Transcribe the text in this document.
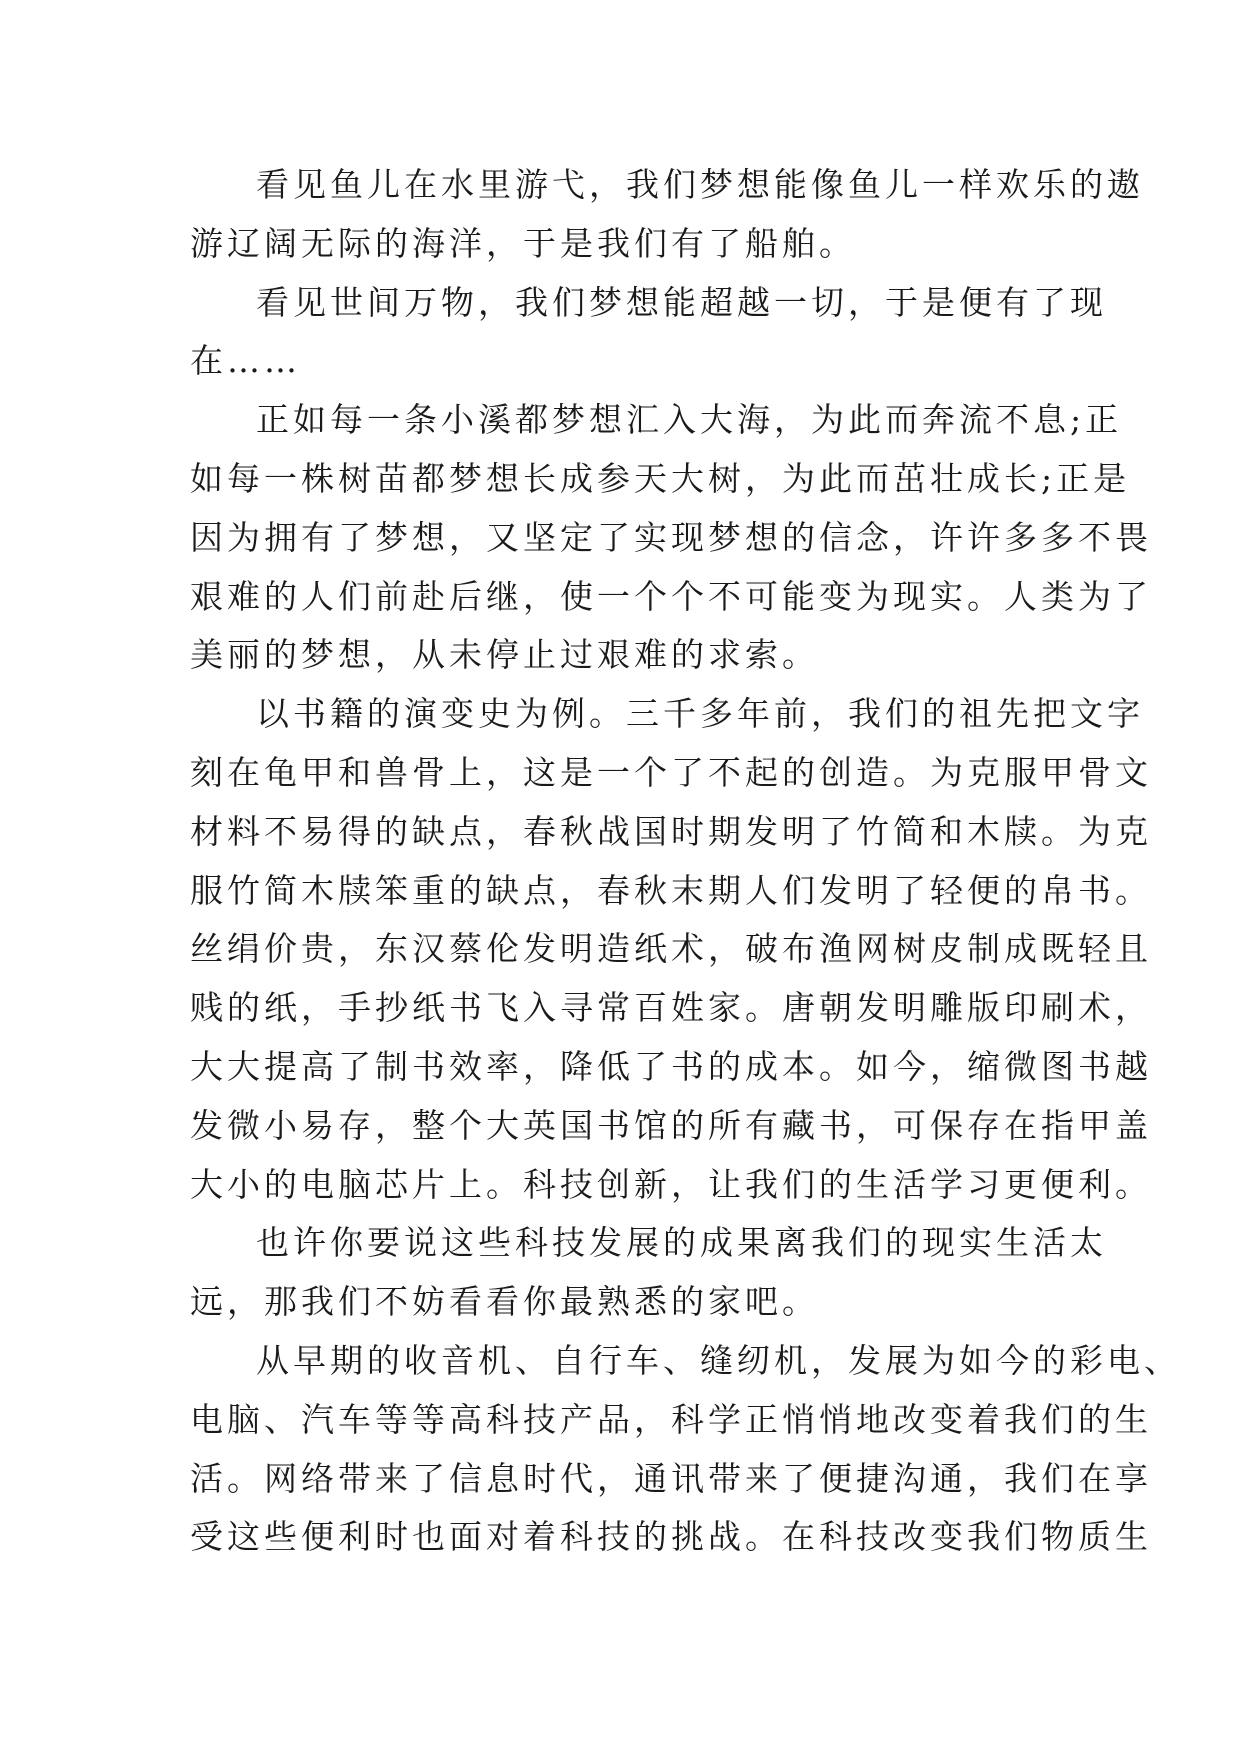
看见鱼儿在水里游弋，我们梦想能像鱼儿一样欢乐的遨
游辽阔无际的海洋，于是我们有了船舶。

看见世间万物，我们梦想能超越一切，于是便有了现
在……

正如每一条小溪都梦想汇入大海，为此而奔流不息;正
如每一株树苗都梦想长成参天大树，为此而茁壮成长;正是
因为拥有了梦想，又坚定了实现梦想的信念，许许多多不畏
艰难的人们前赴后继，使一个个不可能变为现实。人类为了
美丽的梦想，从未停止过艰难的求索。

以书籍的演变史为例。三千多年前，我们的祖先把文字
刻在龟甲和兽骨上，这是一个了不起的创造。为克服甲骨文
材料不易得的缺点，春秋战国时期发明了竹简和木牍。为克
服竹简木牍笨重的缺点，春秋末期人们发明了轻便的帛书。
丝绢价贵，东汉蔡伦发明造纸术，破布渔网树皮制成既轻且
贱的纸，手抄纸书飞入寻常百姓家。唐朝发明雕版印刷术，
大大提高了制书效率，降低了书的成本。如今，缩微图书越
发微小易存，整个大英国书馆的所有藏书，可保存在指甲盖
大小的电脑芯片上。科技创新，让我们的生活学习更便利。

也许你要说这些科技发展的成果离我们的现实生活太
远，那我们不妨看看你最熟悉的家吧。

从早期的收音机、自行车、缝纫机，发展为如今的彩电、
电脑、汽车等等高科技产品，科学正悄悄地改变着我们的生
活。网络带来了信息时代，通讯带来了便捷沟通，我们在享
受这些便利时也面对着科技的挑战。在科技改变我们物质生
